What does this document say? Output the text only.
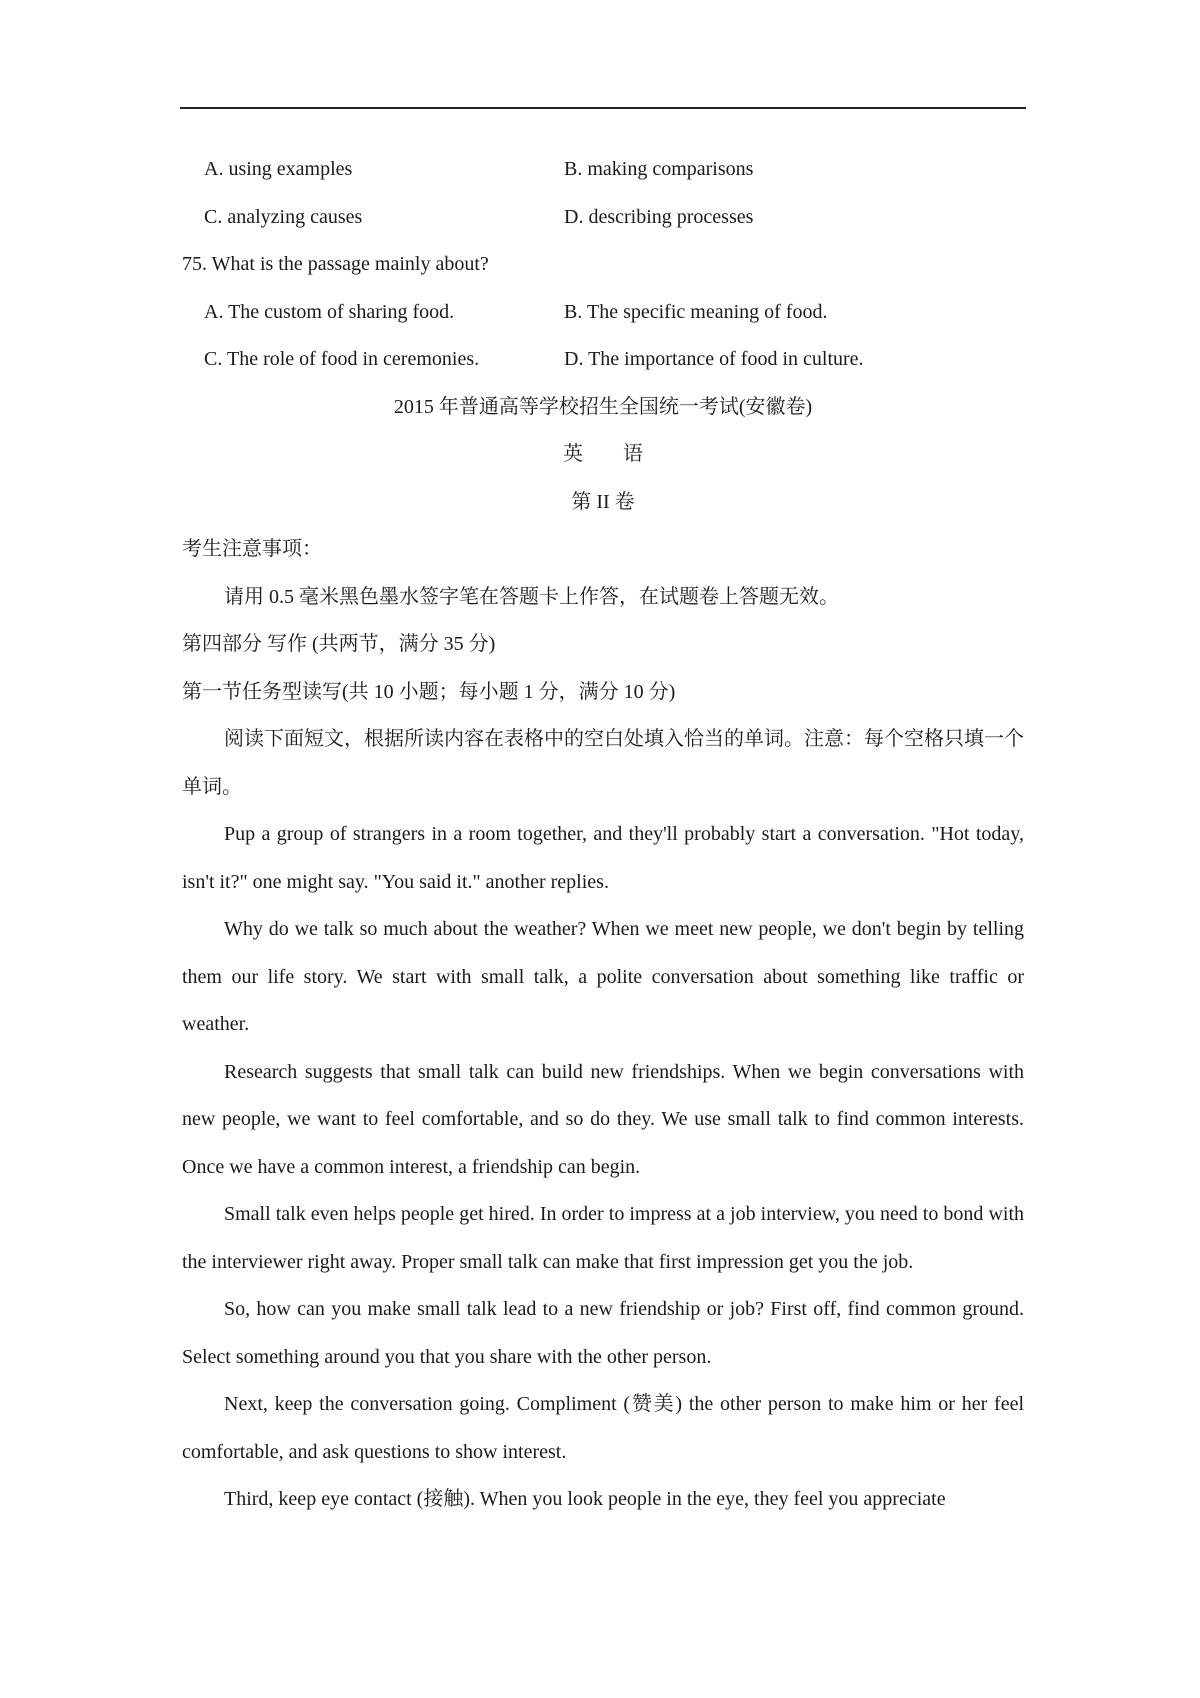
A. using examples	B. making comparisons
C. analyzing causes	D. describing processes
75. What is the passage mainly about?
A. The custom of sharing food.	B. The specific meaning of food.
C. The role of food in ceremonies.	D. The importance of food in culture.
2015 年普通高等学校招生全国统一考试(安徽卷)
英 语
第 II 卷
考生注意事项：
请用 0.5 毫米黑色墨水签字笔在答题卡上作答，在试题卷上答题无效。
第四部分 写作 (共两节，满分 35 分)
第一节任务型读写(共 10 小题；每小题 1 分，满分 10 分)

阅读下面短文，根据所读内容在表格中的空白处填入恰当的单词。注意：每个空格只填一个单词。

Pup a group of strangers in a room together, and they'll probably start a conversation. "Hot today, isn't it?" one might say. "You said it." another replies.

Why do we talk so much about the weather? When we meet new people, we don't begin by telling them our life story. We start with small talk, a polite conversation about something like traffic or weather.

Research suggests that small talk can build new friendships. When we begin conversations with new people, we want to feel comfortable, and so do they. We use small talk to find common interests. Once we have a common interest, a friendship can begin.

Small talk even helps people get hired. In order to impress at a job interview, you need to bond with the interviewer right away. Proper small talk can make that first impression get you the job.

So, how can you make small talk lead to a new friendship or job? First off, find common ground. Select something around you that you share with the other person.

Next, keep the conversation going. Compliment (赞美) the other person to make him or her feel comfortable, and ask questions to show interest.

Third, keep eye contact (接触). When you look people in the eye, they feel you appreciate
